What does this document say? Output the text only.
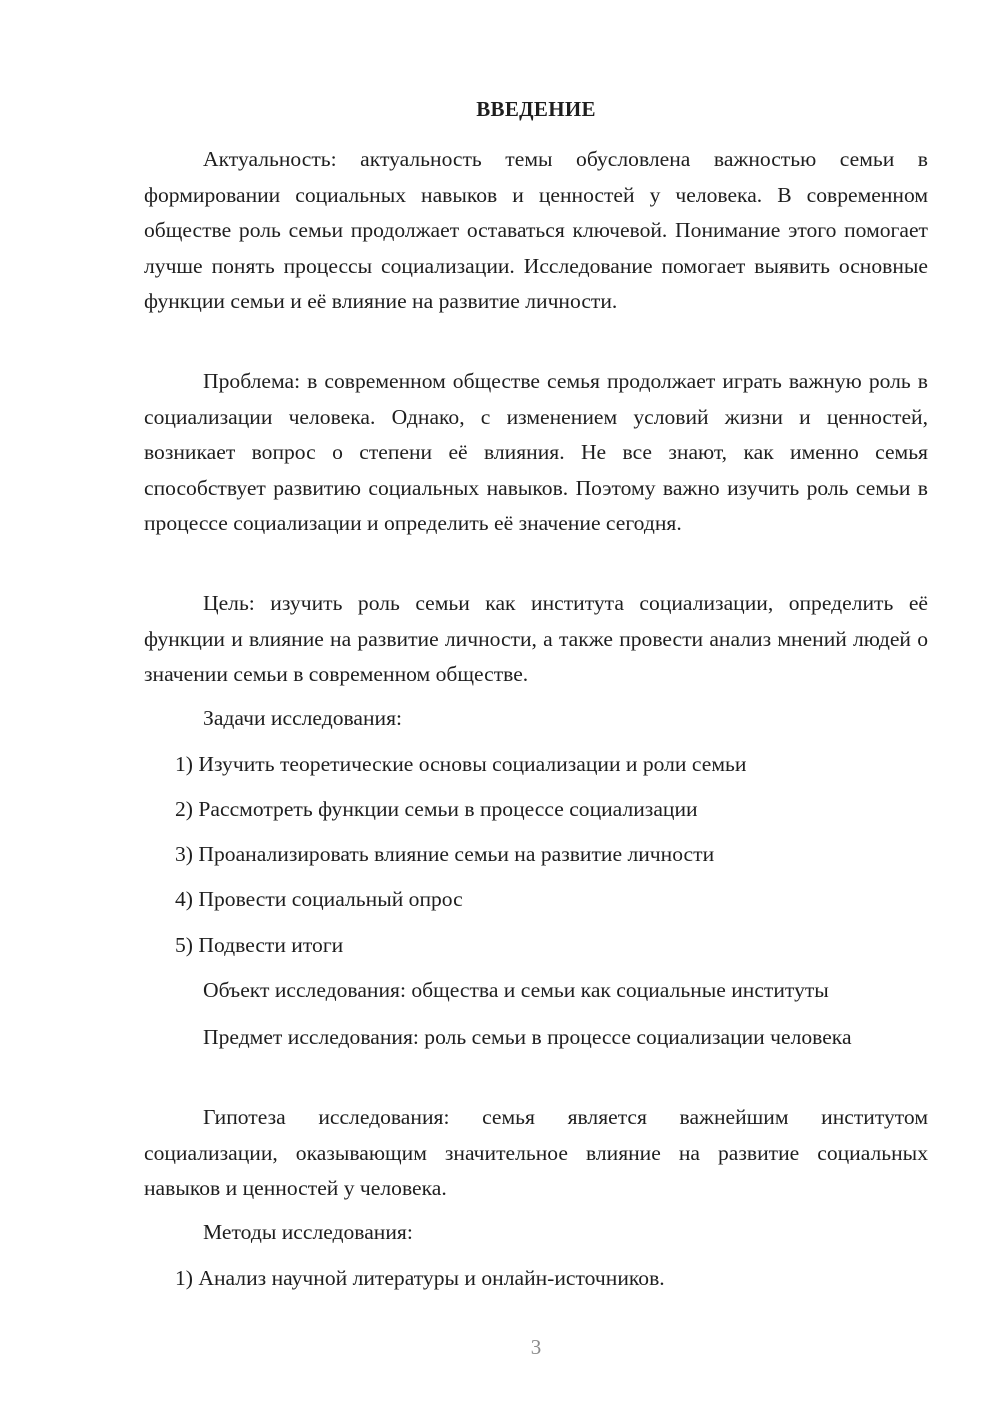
ВВЕДЕНИЕ

Актуальность: актуальность темы обусловлена важностью семьи в формировании социальных навыков и ценностей у человека. В современном обществе роль семьи продолжает оставаться ключевой. Понимание этого помогает лучше понять процессы социализации. Исследование помогает выявить основные функции семьи и её влияние на развитие личности.

Проблема: в современном обществе семья продолжает играть важную роль в социализации человека. Однако, с изменением условий жизни и ценностей, возникает вопрос о степени её влияния. Не все знают, как именно семья способствует развитию социальных навыков. Поэтому важно изучить роль семьи в процессе социализации и определить её значение сегодня.

Цель: изучить роль семьи как института социализации, определить её функции и влияние на развитие личности, а также провести анализ мнений людей о значении семьи в современном обществе.

Задачи исследования:

1) Изучить теоретические основы социализации и роли семьи

2) Рассмотреть функции семьи в процессе социализации

3) Проанализировать влияние семьи на развитие личности

4) Провести социальный опрос

5) Подвести итоги

Объект исследования: общества и семьи как социальные институты

Предмет исследования: роль семьи в процессе социализации человека

Гипотеза исследования: семья является важнейшим институтом социализации, оказывающим значительное влияние на развитие социальных навыков и ценностей у человека.

Методы исследования:

1) Анализ научной литературы и онлайн-источников.

3
